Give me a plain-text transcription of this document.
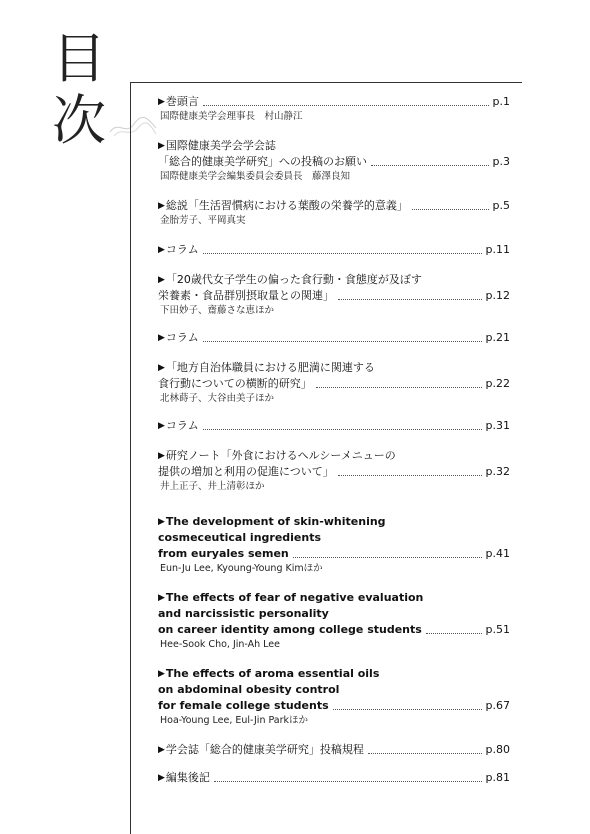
目
次	▶ 巻頭言	p.1
国際健康美学会理事長　村山静江
▶ 国際健康美学会学会誌
「総合的健康美学研究」への投稿のお願い	p.3
国際健康美学会編集委員会委員長　藤澤良知
▶ 総説「生活習慣病における葉酸の栄養学的意義」	p.5
金胎芳子、平岡真実
▶ コラム	p.11
▶ 「20歳代女子学生の偏った食行動・食態度が及ぼす
栄養素・食品群別摂取量との関連」	p.12
下田妙子、齋藤さな恵ほか
▶ コラム	p.21
▶ 「地方自治体職員における肥満に関連する
食行動についての横断的研究」	p.22
北林蒔子、大谷由美子ほか
▶ コラム	p.31
▶ 研究ノート「外食におけるヘルシーメニューの
提供の増加と利用の促進について」	p.32
井上正子、井上清彰ほか
▶ The development of skin-whitening
cosmeceutical ingredients
from euryales semen	p.41
Eun-Ju Lee, Kyoung-Young Kimほか
▶ The effects of fear of negative evaluation
and narcissistic personality
on career identity among college students	p.51
Hee-Sook Cho, Jin-Ah Lee
▶ The effects of aroma essential oils
on abdominal obesity control
for female college students	p.67
Hoa-Young Lee, Eul-Jin Parkほか
▶ 学会誌「総合的健康美学研究」投稿規程	p.80
▶ 編集後記	p.81
